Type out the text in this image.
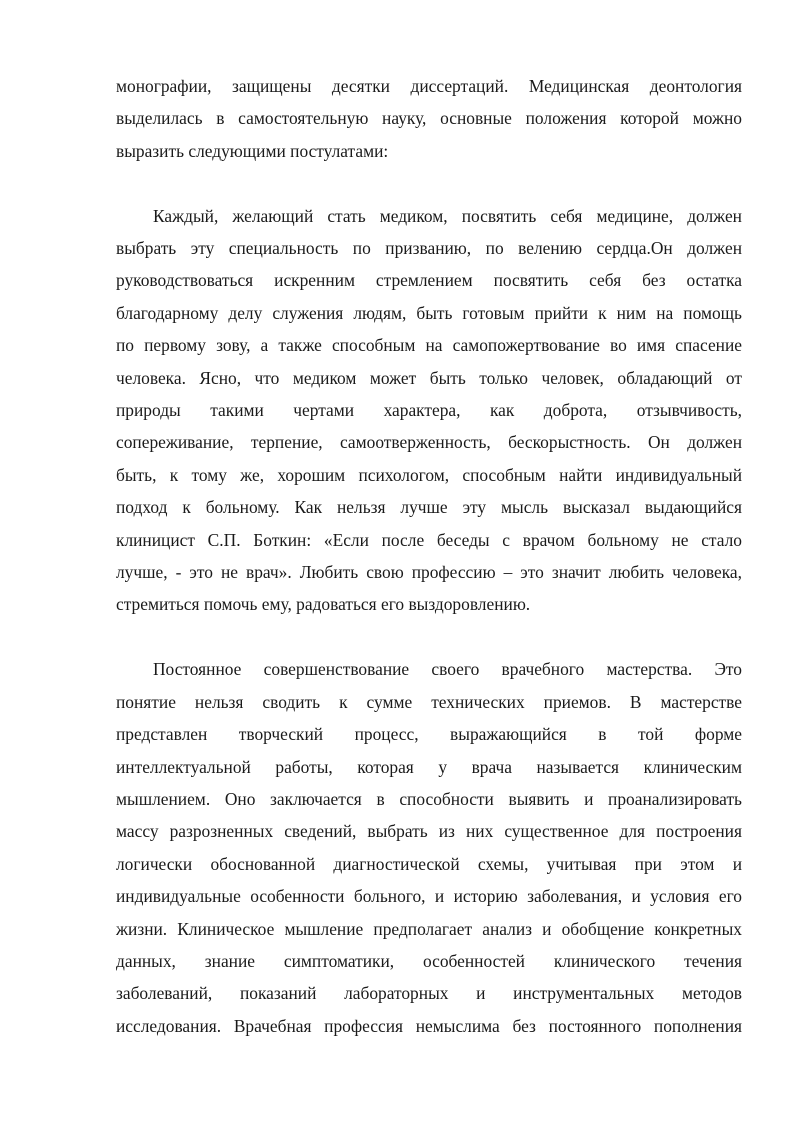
монографии, защищены десятки диссертаций. Медицинская деонтология
выделилась в самостоятельную науку, основные положения которой можно
выразить следующими постулатами:

Каждый, желающий стать медиком, посвятить себя медицине, должен
выбрать эту специальность по призванию, по велению сердца.Он должен
руководствоваться искренним стремлением посвятить себя без остатка
благодарному делу служения людям, быть готовым прийти к ним на помощь
по первому зову, а также способным на самопожертвование во имя спасение
человека. Ясно, что медиком может быть только человек, обладающий от
природы такими чертами характера, как доброта, отзывчивость,
сопереживание, терпение, самоотверженность, бескорыстность. Он должен
быть, к тому же, хорошим психологом, способным найти индивидуальный
подход к больному. Как нельзя лучше эту мысль высказал выдающийся
клиницист С.П. Боткин: «Если после беседы с врачом больному не стало
лучше, - это не врач». Любить свою профессию – это значит любить человека,
стремиться помочь ему, радоваться его выздоровлению.

Постоянное совершенствование своего врачебного мастерства. Это
понятие нельзя сводить к сумме технических приемов. В мастерстве
представлен творческий процесс, выражающийся в той форме
интеллектуальной работы, которая у врача называется клиническим
мышлением. Оно заключается в способности выявить и проанализировать
массу разрозненных сведений, выбрать из них существенное для построения
логически обоснованной диагностической схемы, учитывая при этом и
индивидуальные особенности больного, и историю заболевания, и условия его
жизни. Клиническое мышление предполагает анализ и обобщение конкретных
данных, знание симптоматики, особенностей клинического течения
заболеваний, показаний лабораторных и инструментальных методов
исследования. Врачебная профессия немыслима без постоянного пополнения
